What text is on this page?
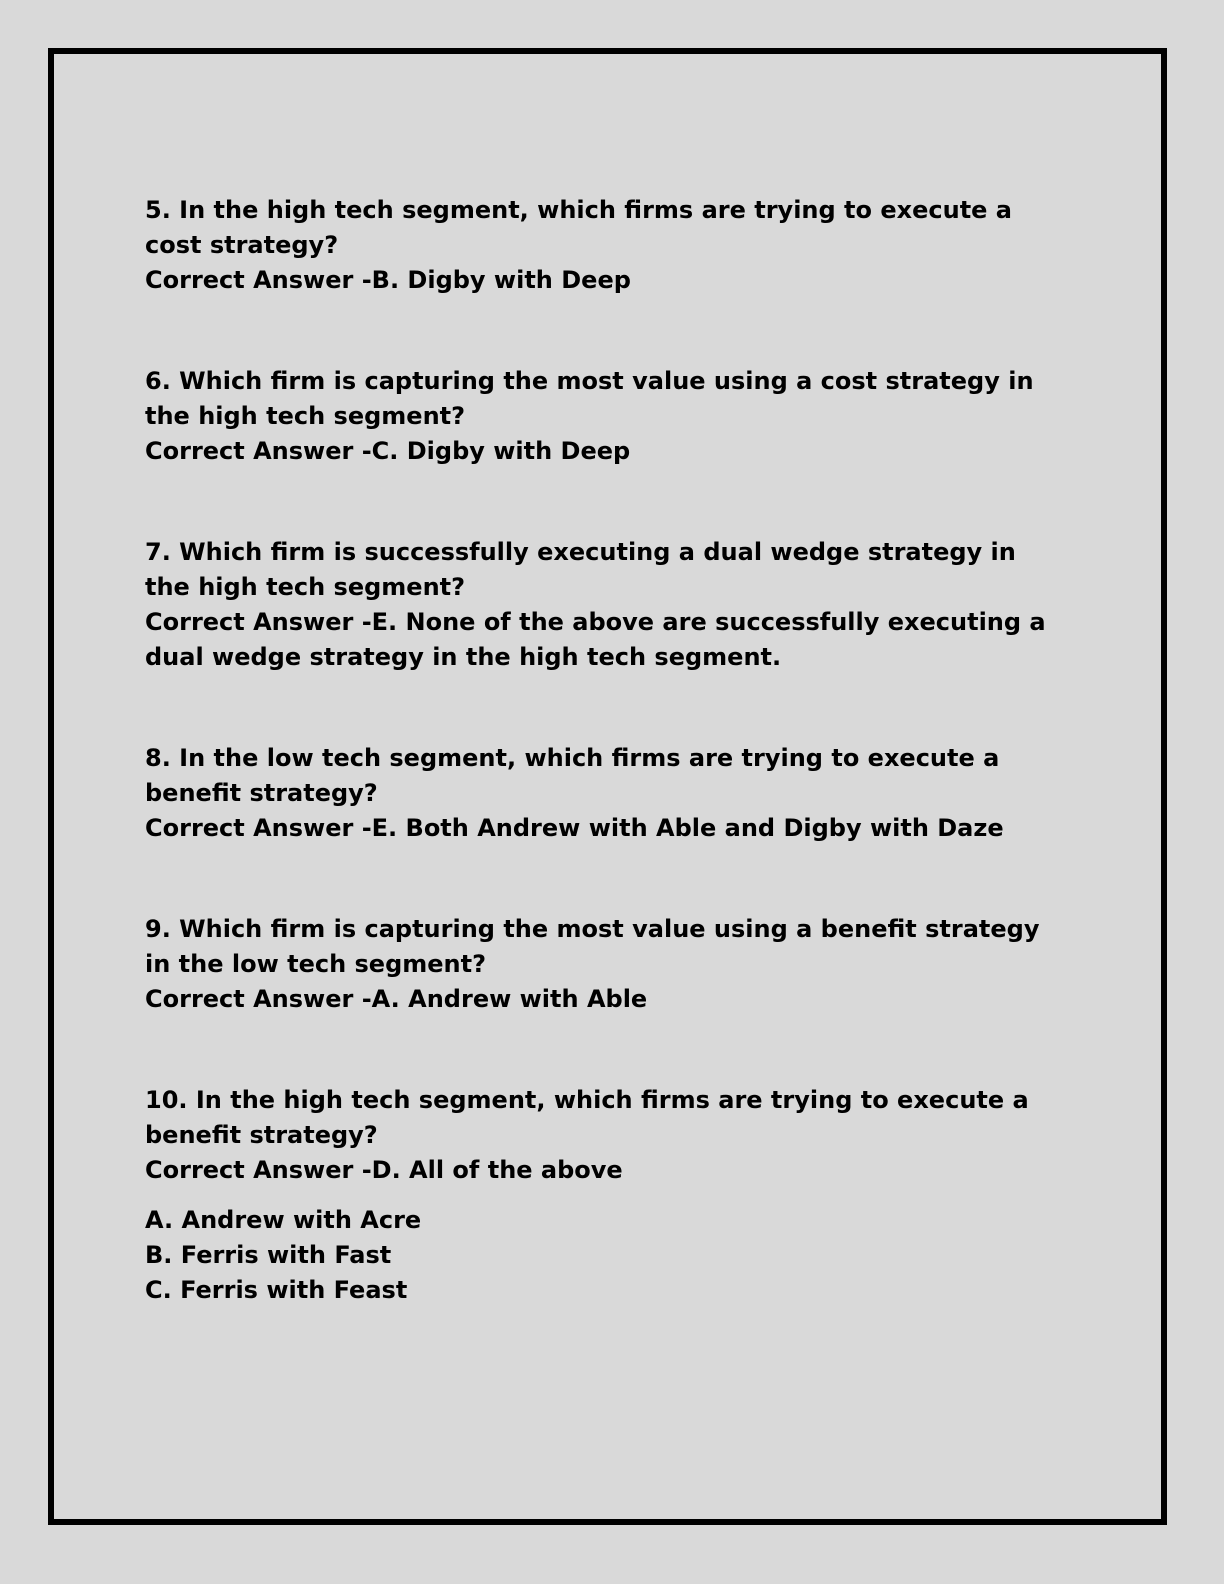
5. In the high tech segment, which firms are trying to execute a cost strategy?

Correct Answer -B. Digby with Deep

6. Which firm is capturing the most value using a cost strategy in the high tech segment?

Correct Answer -C. Digby with Deep

7. Which firm is successfully executing a dual wedge strategy in the high tech segment?

Correct Answer -E. None of the above are successfully executing a dual wedge strategy in the high tech segment.

8. In the low tech segment, which firms are trying to execute a benefit strategy?

Correct Answer -E. Both Andrew with Able and Digby with Daze

9. Which firm is capturing the most value using a benefit strategy in the low tech segment?

Correct Answer -A. Andrew with Able

10. In the high tech segment, which firms are trying to execute a benefit strategy?

Correct Answer -D. All of the above

A. Andrew with Acre

B. Ferris with Fast

C. Ferris with Feast
